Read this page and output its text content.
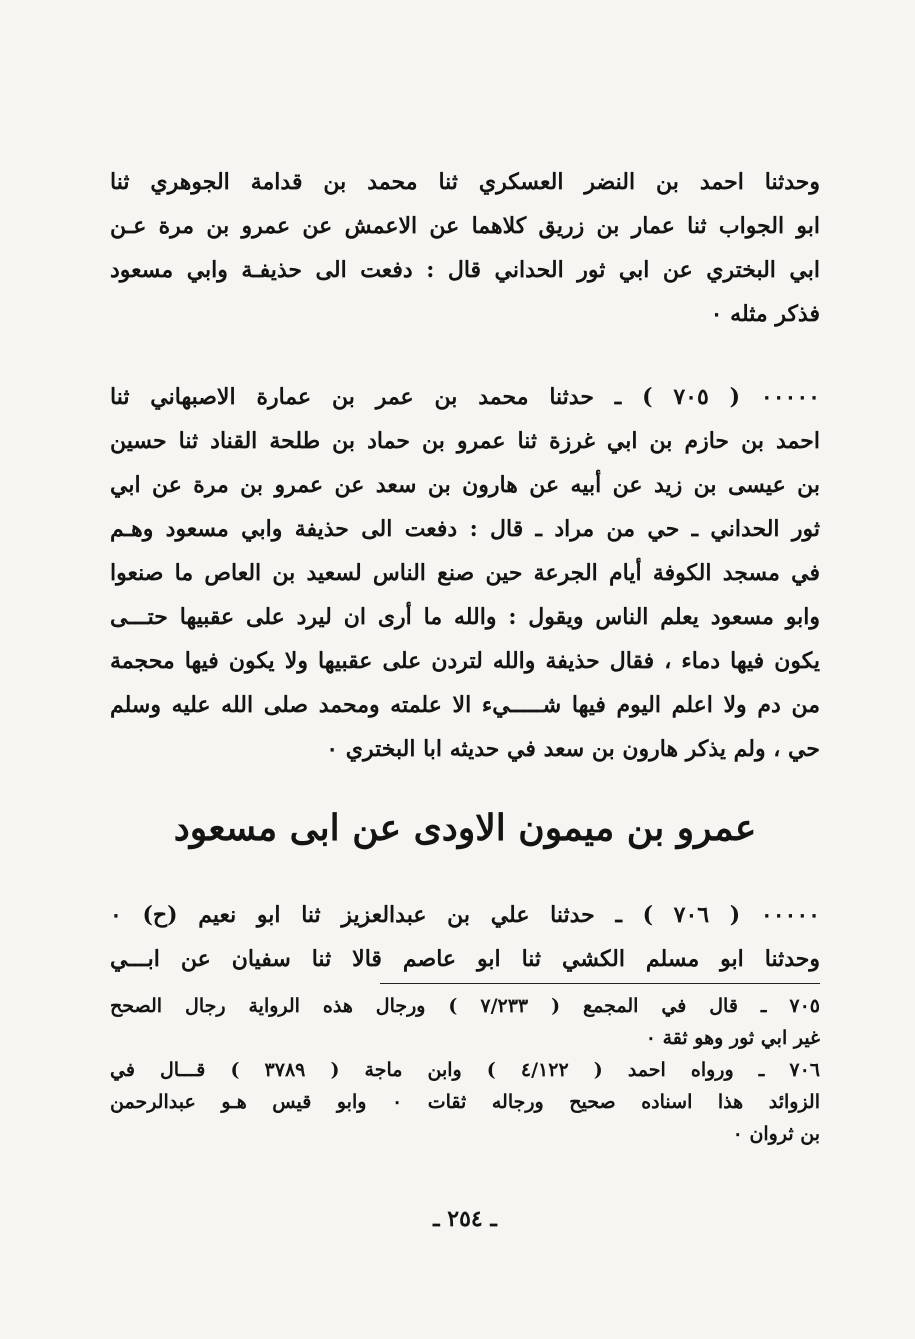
وحدثنا احمد بن النضر العسكري ثنا محمد بن قدامة الجوهري ثنا
ابو الجواب ثنا عمار بن زريق كلاهما عن الاعمش عن عمرو بن مرة عـن
ابي البختري عن ابي ثور الحداني قال : دفعت الى حذيفـة وابي مسعود
فذكر مثله ٠
٠٠٠٠٠ ( ٧٠٥ ) ـ حدثنا محمد بن عمر بن عمارة الاصبهاني ثنا
احمد بن حازم بن ابي غرزة ثنا عمرو بن حماد بن طلحة القناد ثنا حسين
بن عيسى بن زيد عن أبيه عن هارون بن سعد عن عمرو بن مرة عن ابي
ثور الحداني ـ حي من مراد ـ قال : دفعت الى حذيفة وابي مسعود وهـم
في مسجد الكوفة أيام الجرعة حين صنع الناس لسعيد بن العاص ما صنعوا
وابو مسعود يعلم الناس ويقول : والله ما أرى ان ليرد على عقبيها حتـــى
يكون فيها دماء ، فقال حذيفة والله لتردن على عقبيها ولا يكون فيها محجمة
من دم ولا اعلم اليوم فيها شـــــيء الا علمته ومحمد صلى الله عليه وسلم
حي ، ولم يذكر هارون بن سعد في حديثه ابا البختري ٠
عمرو بن ميمون الاودى عن ابى مسعود
٠٠٠٠٠ ( ٧٠٦ ) ـ حدثنا علي بن عبدالعزيز ثنا ابو نعيم (ح) ٠
وحدثنا ابو مسلم الكشي ثنا ابو عاصم قالا ثنا سفيان عن ابـــي
٧٠٥ ـ قال في المجمع ( ٧/٢٣٣ ) ورجال هذه الرواية رجال الصحح
غير ابي ثور وهو ثقة ٠
٧٠٦ ـ ورواه احمد ( ٤/١٢٢ ) وابن ماجة ( ٣٧٨٩ ) قـــال في
الزوائد هذا اسناده صحيح ورجاله ثقات ٠ وابو قيس هـو عبدالرحمن
بن ثروان ٠
ـ ٢٥٤ ـ
